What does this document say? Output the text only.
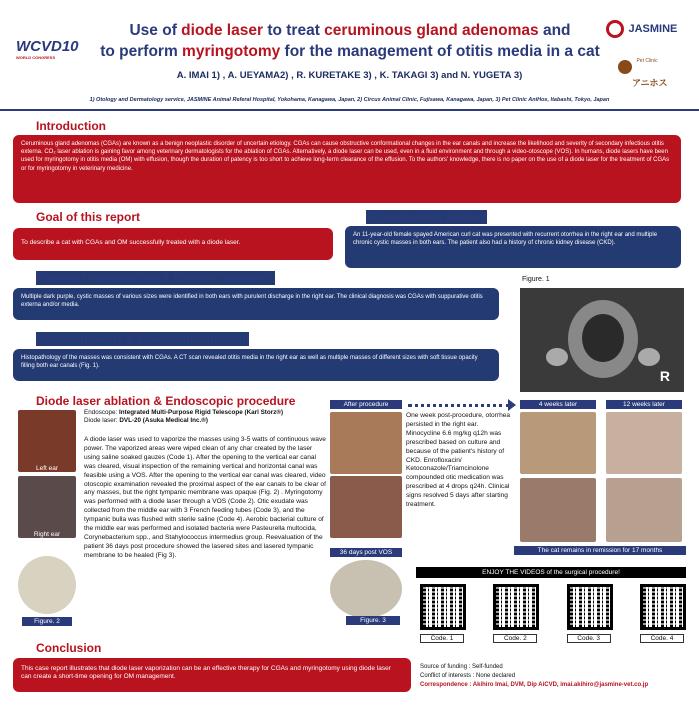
WCVD10
WORLD CONGRESS
JASMINE
$^{Pet Clinic}$
アニホス
Use of diode laser to treat ceruminous gland adenomas and
to perform myringotomy for the management of otitis media in a cat
A. IMAI 1) , A. UEYAMA2) , R. KURETAKE 3) , K. TAKAGI 3) and N. YUGETA 3)
1) Otology and Dermatology service, JASMINE Animal Referal Hospital, Yokohama, Kanagawa, Japan, 2) Circus Animal Clinic, Fujisawa, Kanagawa, Japan, 3) Pet Clinic AniHos, Itabashi, Tokyo, Japan
Introduction
Ceruminous gland adenomas (CGAs) are known as a benign neoplastic disorder of uncertain etiology. CGAs can cause obstructive conformational changes in the ear canals and increase the likelihood and severity of secondary infectious otitis externa. CO₂ laser ablation is gaining favor among veterinary dermatologists for the ablation of CGAs. Alternatively, a diode laser can be used, even in a fluid environment and through a video-otoscope (VOS). In humans, diode lasers have been used for myringotomy in otitis media (OM) with effusion, though the duration of patency is too short to achieve long-term clearance of the effusion. To the authors' knowledge, there is no paper on the use of a diode laser for the treatment of CGAs or for myringotomy in veterinary medicine.
Goal of this report
To describe a cat with CGAs and OM successfully treated with a diode laser.
Signalment & History
An 11-year-old female spayed American curl cat was presented with recurrent otorrhea in the right ear and multiple chronic cystic masses in both ears. The patient also had a history of chronic kidney disease (CKD).
Physical examination & Clinical diagnosis
Multiple dark purple, cystic masses of various sizes were identified in both ears with purulent discharge in the right ear. The clinical diagnosis was CGAs with suppurative otitis externa and/or media.
Histopathology & Diagnostic imaging
Histopathology of the masses was consistent with CGAs. A CT scan revealed otitis media in the right ear as well as multiple masses of different sizes with soft tissue opacity filling both ear canals (Fig. 1).
Figure. 1
R
Diode laser ablation & Endoscopic procedure
Left ear
Right ear
Figure. 2
Endoscope: Integrated Multi-Purpose Rigid Telescope (Karl Storz®)
Diode laser: DVL-20 (Asuka Medical Inc.®)
A diode laser was used to vaporize the masses using 3-5 watts of continuous wave power. The vaporized areas were wiped clean of any char created by the laser using saline soaked gauzes (Code 1). After the opening to the vertical ear canal was cleared, visual inspection of the remaining vertical and horizontal canal was feasible using a VOS. After the opening to the vertical ear canal was cleared, video otoscopic examination revealed the proximal aspect of the ear canals to be clear of any masses, but the right tympanic membrane was opaque (Fig. 2) . Myringotomy was performed with a diode laser through a VOS (Code 2). Otic exudate was collected from the middle ear with 3 French feeding tubes (Code 3), and the tympanic bulla was flushed with sterile saline (Code 4). Aerobic bacterial culture of the middle ear was performed and isolated bacteria were Pasteurella multocida, Corynebacterium spp., and Stahylococcus intermedius group. Reevaluation of the patient 36 days post procedure showed the lasered sites and lasered tympanic membrane to be healed (Fig 3).
After procedure
36 days post VOS
Figure. 3
One week post-procedure, otorrhea persisted in the right ear. Minocycline 6.6 mg/kg q12h was prescribed based on culture and because of the patient's history of CKD. Enrofloxacin/ Ketoconazole/Triamcinolone compounded otic medication was prescribed at 4 drops q24h. Clinical signs resolved 5 days after starting treatment.
4 weeks later	12 weeks later
The cat remains in remission for 17 months
ENJOY THE VIDEOS of the surgical procedure!
Code. 1	Code. 2	Code. 3	Code. 4
Conclusion
This case report illustrates that diode laser vaporization can be an effective therapy for CGAs and myringotomy using diode laser can create a short-time opening for OM management.
Source of funding : Self-funded
Conflict of interests : None declared
Correspondence : Akihiro Imai, DVM, Dip AiCVD, imai.akihiro@jasmine-vet.co.jp
